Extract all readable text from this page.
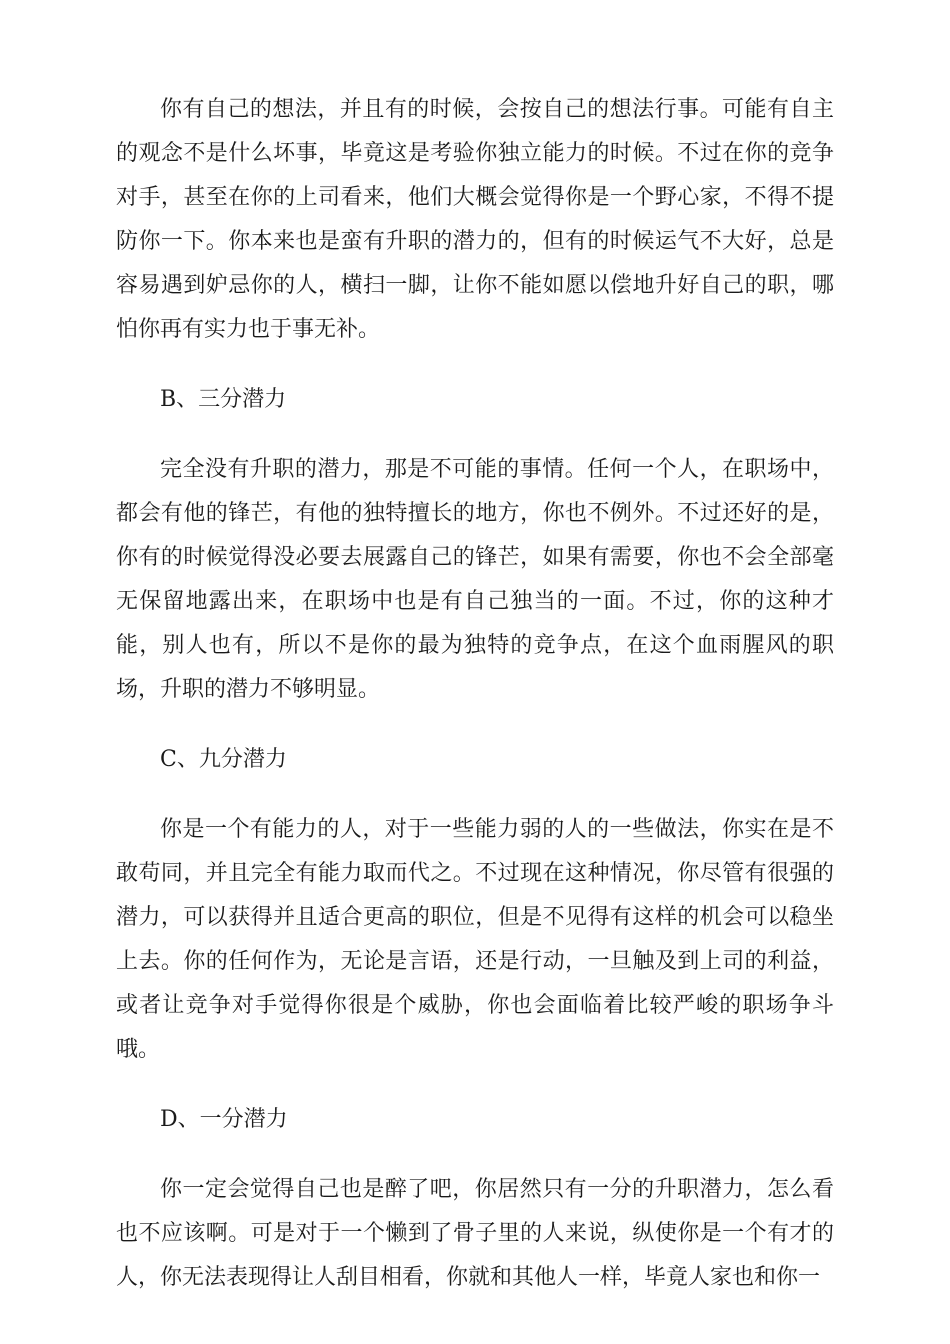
你有自己的想法，并且有的时候，会按自己的想法行事。可能有自主的观念不是什么坏事，毕竟这是考验你独立能力的时候。不过在你的竞争对手，甚至在你的上司看来，他们大概会觉得你是一个野心家，不得不提防你一下。你本来也是蛮有升职的潜力的，但有的时候运气不大好，总是容易遇到妒忌你的人，横扫一脚，让你不能如愿以偿地升好自己的职，哪怕你再有实力也于事无补。

B、三分潜力

完全没有升职的潜力，那是不可能的事情。任何一个人，在职场中，都会有他的锋芒，有他的独特擅长的地方，你也不例外。不过还好的是，你有的时候觉得没必要去展露自己的锋芒，如果有需要，你也不会全部毫无保留地露出来，在职场中也是有自己独当的一面。不过，你的这种才能，别人也有，所以不是你的最为独特的竞争点，在这个血雨腥风的职场，升职的潜力不够明显。

C、九分潜力

你是一个有能力的人，对于一些能力弱的人的一些做法，你实在是不敢苟同，并且完全有能力取而代之。不过现在这种情况，你尽管有很强的潜力，可以获得并且适合更高的职位，但是不见得有这样的机会可以稳坐上去。你的任何作为，无论是言语，还是行动，一旦触及到上司的利益，或者让竞争对手觉得你很是个威胁，你也会面临着比较严峻的职场争斗哦。

D、一分潜力

你一定会觉得自己也是醉了吧，你居然只有一分的升职潜力，怎么看也不应该啊。可是对于一个懒到了骨子里的人来说，纵使你是一个有才的人，你无法表现得让人刮目相看，你就和其他人一样，毕竟人家也和你一
